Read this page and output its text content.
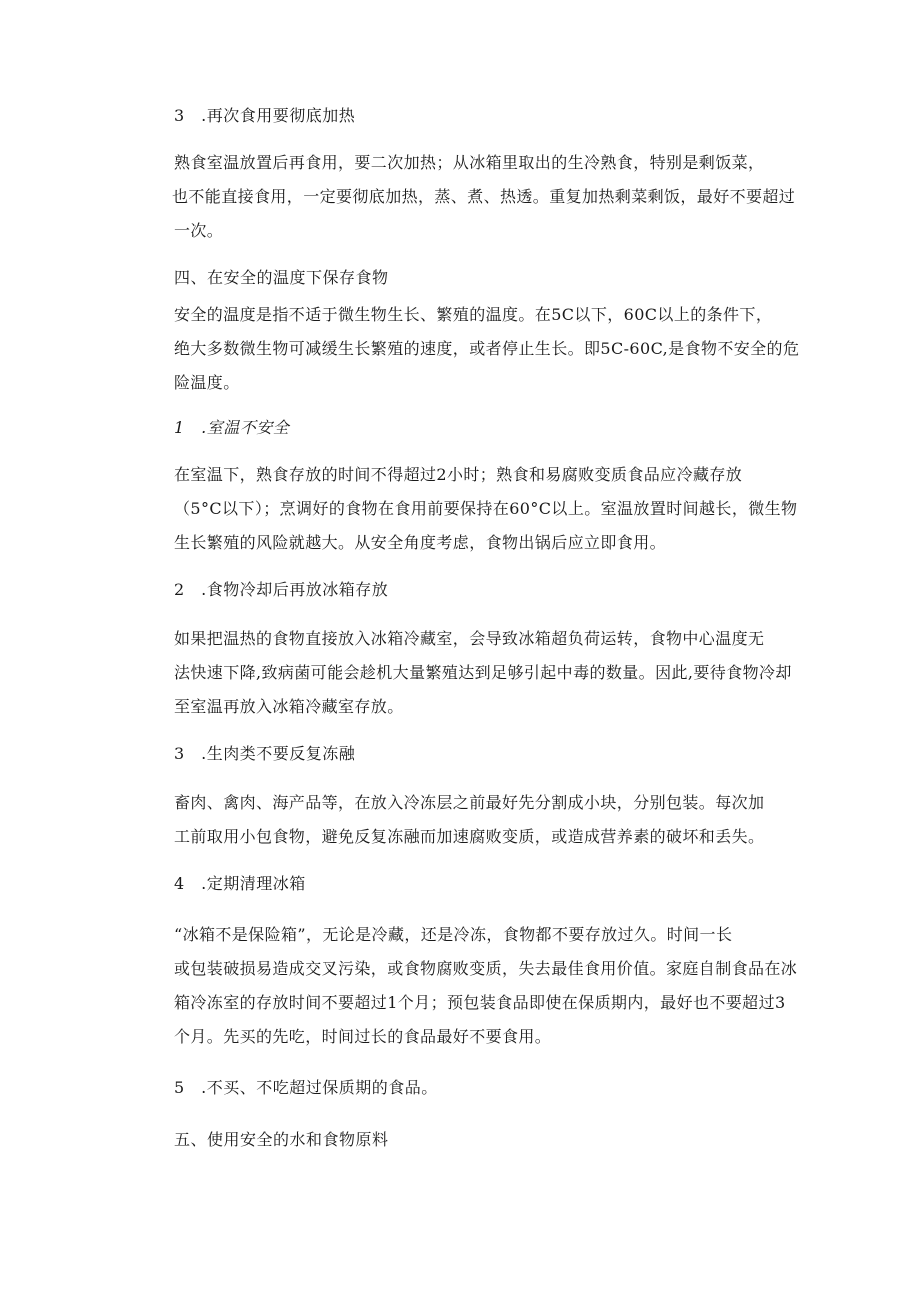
3　.再次食用要彻底加热
熟食室温放置后再食用，要二次加热；从冰箱里取出的生冷熟食，特别是剩饭菜，
也不能直接食用，一定要彻底加热，蒸、煮、热透。重复加热剩菜剩饭，最好不要超过
一次。
四、在安全的温度下保存食物
安全的温度是指不适于微生物生长、繁殖的温度。在5C以下，60C以上的条件下，
绝大多数微生物可减缓生长繁殖的速度，或者停止生长。即5C-60C,是食物不安全的危
险温度。
1　.室温不安全
在室温下，熟食存放的时间不得超过2小时；熟食和易腐败变质食品应冷藏存放
（5°C以下）；烹调好的食物在食用前要保持在60°C以上。室温放置时间越长，微生物
生长繁殖的风险就越大。从安全角度考虑，食物出锅后应立即食用。
2　.食物冷却后再放冰箱存放
如果把温热的食物直接放入冰箱冷藏室，会导致冰箱超负荷运转，食物中心温度无
法快速下降,致病菌可能会趁机大量繁殖达到足够引起中毒的数量。因此,要待食物冷却
至室温再放入冰箱冷藏室存放。
3　.生肉类不要反复冻融
畜肉、禽肉、海产品等，在放入冷冻层之前最好先分割成小块，分别包装。每次加
工前取用小包食物，避免反复冻融而加速腐败变质，或造成营养素的破坏和丢失。
4　.定期清理冰箱
“冰箱不是保险箱”，无论是冷藏，还是冷冻，食物都不要存放过久。时间一长
或包装破损易造成交叉污染，或食物腐败变质，失去最佳食用价值。家庭自制食品在冰
箱冷冻室的存放时间不要超过1个月；预包装食品即使在保质期内，最好也不要超过3
个月。先买的先吃，时间过长的食品最好不要食用。
5　.不买、不吃超过保质期的食品。
五、使用安全的水和食物原料
